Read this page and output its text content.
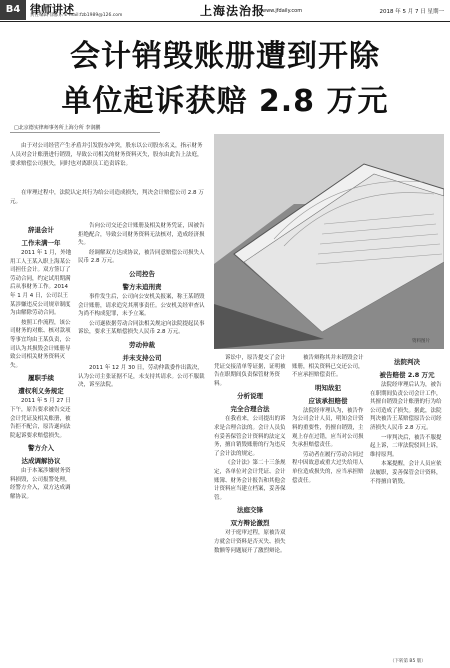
B4 律师讲述
责任编辑 徐都东 E-mail:fzb1989@126.com	上海法治报
www.jfdaily.com	2018 年 5 月 7 日 星期一
会计销毁账册遭到开除
单位起诉获赔 2.8 万元
□北京德实律师事务所上海分所 李润鹏
由于对公司经营产生矛盾并引发股东冲突，股东以公司股东名义，指示财务人员对会计账册进行销毁，导致公司相关的财务资料灭失，股东由此告上法庭，要求赔偿公司损失，同时也对离职员工追责诉讼。
在审理过程中，法院认定其行为给公司造成损失，判决会计赔偿公司 2.8 万元。
资料图片
辞退会计
工作未满一年

2011 年 1 月，外地用工人王某入职上海某公司担任会计。双方签订了劳动合同，约定试用期满后从事财务工作。2014 年 1 月 4 日，公司以王某涉嫌违反公司规章制度为由解除劳动合同。

按照工作流程，该公司财务的对账、核对款项等事宜均由王某负责，公司认为其损毁会计账册导致公司相关财务资料灭失。

履职手续
遭权利义务规定

2011 年 5 月 27 日下午，原告要求被告交还会计凭证及相关账册，被告拒不配合，原告遂向法院起诉要求赔偿损失。

警方介入
达成调解协议

由于本案涉嫌财务资料损毁，公司报警处理，经警方介入，双方达成调解协议。

告向公司交还会计账册及相关财务凭证，因被告拒绝配合，导致公司财务资料无法核对，造成经济损失。

经调解双方达成协议，被告同意赔偿公司损失人民币 2.8 万元。

公司控告
警方未追刑责

事件发生后，公司向公安机关报案，称王某销毁会计账册，请求追究其刑事责任。公安机关经审查认为尚不构成犯罪，未予立案。

公司遂依据劳动合同法相关规定向法院提起民事诉讼，要求王某赔偿损失人民币 2.8 万元。

劳动仲裁
并未支持公司

2011 年 12 月 30 日，劳动仲裁委作出裁决，认为公司主张证据不足，未支持其请求。公司不服裁决，诉至法院。

诉讼中，原告提交了会计凭证交接清单等证据，证明被告在职期间负责保管财务资料。

分析说理
完全合理合法

在我看来，公司提出的诉求是合理合法的。会计人员负有妥善保管会计资料的法定义务，擅自销毁账册的行为违反了会计法的规定。

《会计法》第二十三条规定，各单位对会计凭证、会计账簿、财务会计报告和其他会计资料应当建立档案，妥善保管。

法庭交锋
双方辩论激烈

对于庭审过程，原被告双方就会计资料是否灭失、损失数额等问题展开了激烈辩论。

被告辩称其并未销毁会计账册，相关资料已交还公司，不应承担赔偿责任。

明知故犯
应该承担赔偿

法院经审理认为，被告作为公司会计人员，明知会计资料的重要性，仍擅自销毁，主观上存在过错，应当对公司损失承担赔偿责任。

劳动者在履行劳动合同过程中因故意或重大过失给用人单位造成损失的，应当承担赔偿责任。

法院判决
被告赔偿 2.8 万元

法院经审理后认为，被告在职期间负责公司会计工作，其擅自销毁会计账册的行为给公司造成了损失。据此，法院判决被告王某赔偿原告公司经济损失人民币 2.8 万元。

一审判决后，被告不服提起上诉，二审法院驳回上诉，维持原判。

本案提醒，会计人员应依法履职，妥善保管会计资料，不得擅自销毁。

（下转第 B5 版）
